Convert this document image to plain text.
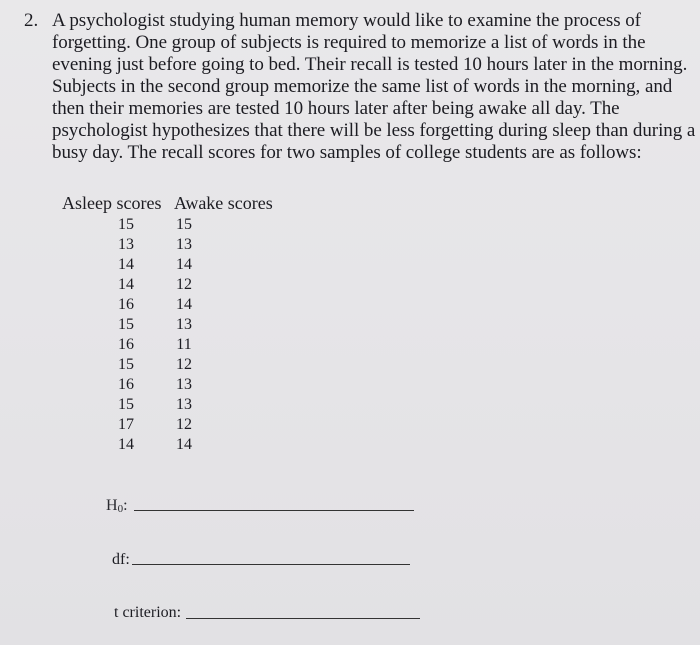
2. A psychologist studying human memory would like to examine the process of
forgetting. One group of subjects is required to memorize a list of words in the
evening just before going to bed. Their recall is tested 10 hours later in the morning.
Subjects in the second group memorize the same list of words in the morning, and
then their memories are tested 10 hours later after being awake all day. The
psychologist hypothesizes that there will be less forgetting during sleep than during a
busy day. The recall scores for two samples of college students are as follows:

Asleep scores Awake scores
15	15
13	13
14	14
14	12
16	14
15	13
16	11
15	12
16	13
15	13
17	12
14	14
$H_0$:
df:
t criterion:
